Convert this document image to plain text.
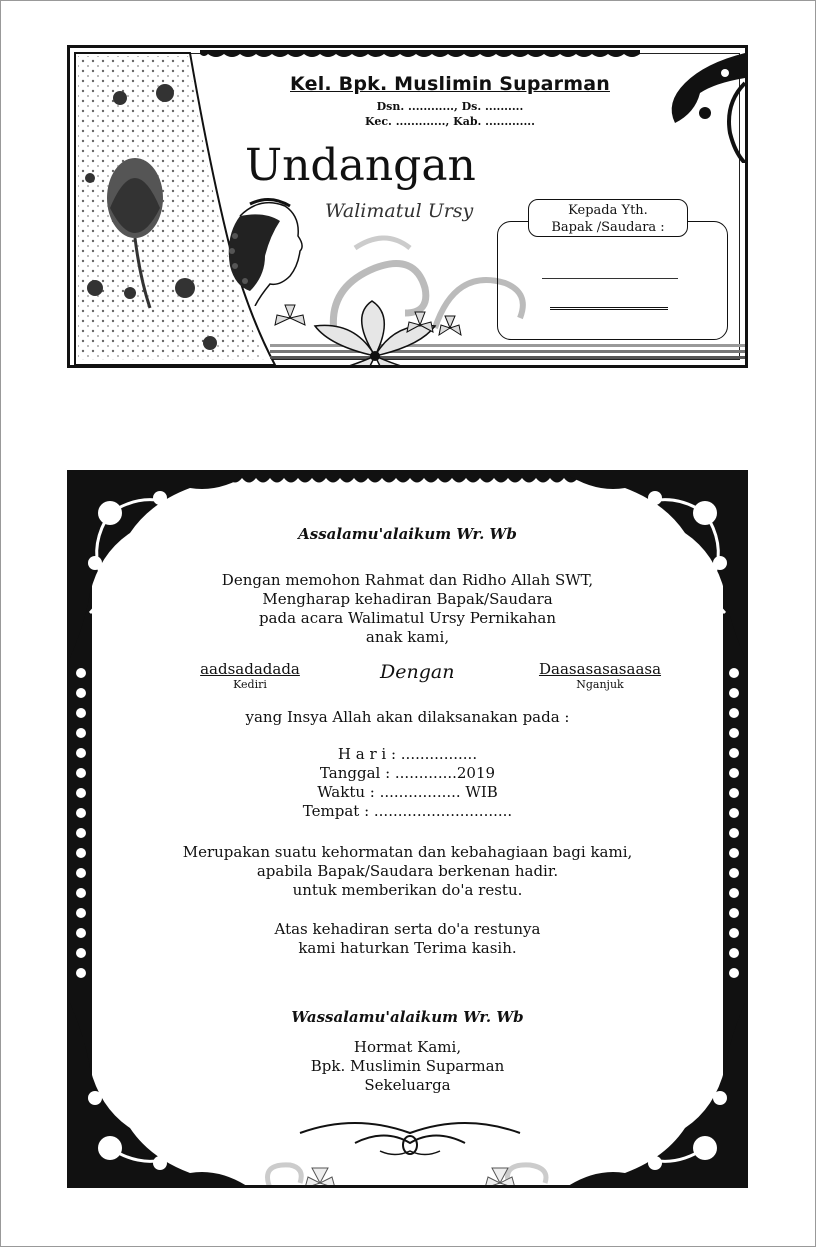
Kel. Bpk. Muslimin Suparman
Dsn. ............, Ds. ..........
Kec. ............., Kab. .............
Undangan
Walimatul Ursy	Kepada Yth.
Bapak /Saudara :
Assalamu'alaikum Wr. Wb
Dengan memohon Rahmat dan Ridho Allah SWT,
Mengharap kehadiran Bapak/Saudara
pada acara Walimatul Ursy Pernikahan
anak kami,
aadsadadada
Kediri
Dengan	Daasasasasaasa
Nganjuk
yang Insya Allah akan dilaksanakan pada :
H a r i : ................
Tanggal : .............2019
Waktu : ................. WIB
Tempat : .............................
Merupakan suatu kehormatan dan kebahagiaan bagi kami,
apabila Bapak/Saudara berkenan hadir.
untuk memberikan do'a restu.
Atas kehadiran serta do'a restunya
kami haturkan Terima kasih.
Wassalamu'alaikum Wr. Wb
Hormat Kami,
Bpk. Muslimin Suparman
Sekeluarga
